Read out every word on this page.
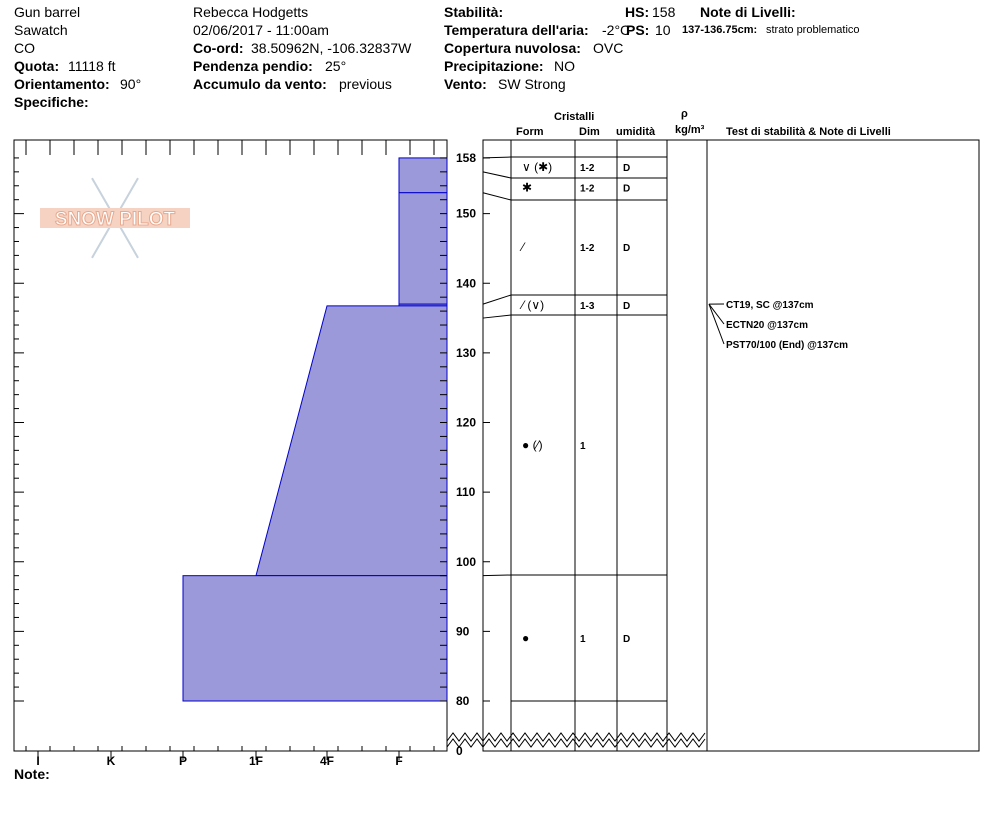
Gun barrel
Sawatch
CO
Quota: 11118 ft
Orientamento: 90°
Specifiche:
Rebecca Hodgetts
02/06/2017 - 11:00am
Co-ord: 38.50962N, -106.32837W
Pendenza pendio: 25°
Accumulo da vento: previous
Stabilità:
Temperatura dell'aria: -2°C
Copertura nuvolosa: OVC
Precipitazione: NO
Vento: SW Strong
HS: 158
PS: 10
Note di Livelli:
137-136.75cm: strato problematico
Note:
Cristalli
Form	Dim umidità
ρ
kg/m³ Test di stabilità & Note di Livelli
SNOW PILOT
0
80
90
100
110
120
130
140
150
158
I	K	P	1F	4F	F
∨ (✱)	1-2	D
✱	1-2	D
⁄	1-2	D
⁄ (∨)	1-3	D
● (⁄)	1
●	1	D
CT19, SC @137cm
ECTN20 @137cm
PST70/100 (End) @137cm
